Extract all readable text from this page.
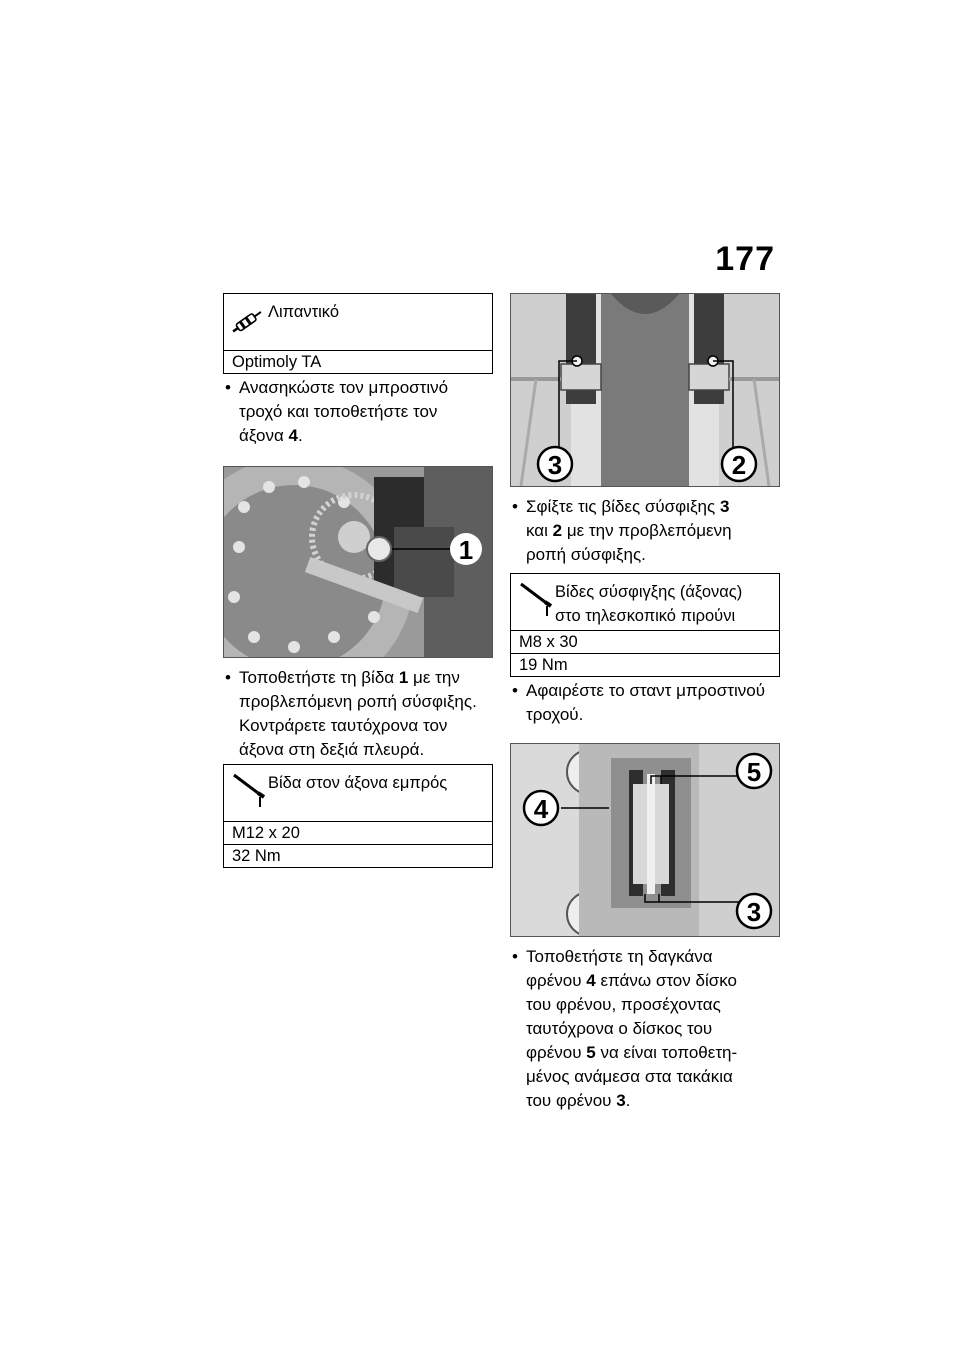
177
Λιπαντικό
Optimoly TA
• Ανασηκώστε τον μπροστινό
τροχό και τοποθετήστε τον
άξονα 4.
1
• Τοποθετήστε τη βίδα 1 με την
προβλεπόμενη ροπή σύσφιξης.
Κοντράρετε ταυτόχρονα τον
άξονα στη δεξιά πλευρά.
Βίδα στον άξονα εμπρός
M12 x 20
32 Nm
3	2
• Σφίξτε τις βίδες σύσφιξης 3
και 2 με την προβλεπόμενη
ροπή σύσφιξης.
Βίδες σύσφιγξης (άξονας)
στο τηλεσκοπικό πιρούνι
M8 x 30
19 Nm
• Αφαιρέστε το σταντ μπροστινού
τροχού.
4
5
3
• Τοποθετήστε τη δαγκάνα
φρένου 4 επάνω στον δίσκο
του φρένου, προσέχοντας
ταυτόχρονα ο δίσκος του
φρένου 5 να είναι τοποθετη-
μένος ανάμεσα στα τακάκια
του φρένου 3.
